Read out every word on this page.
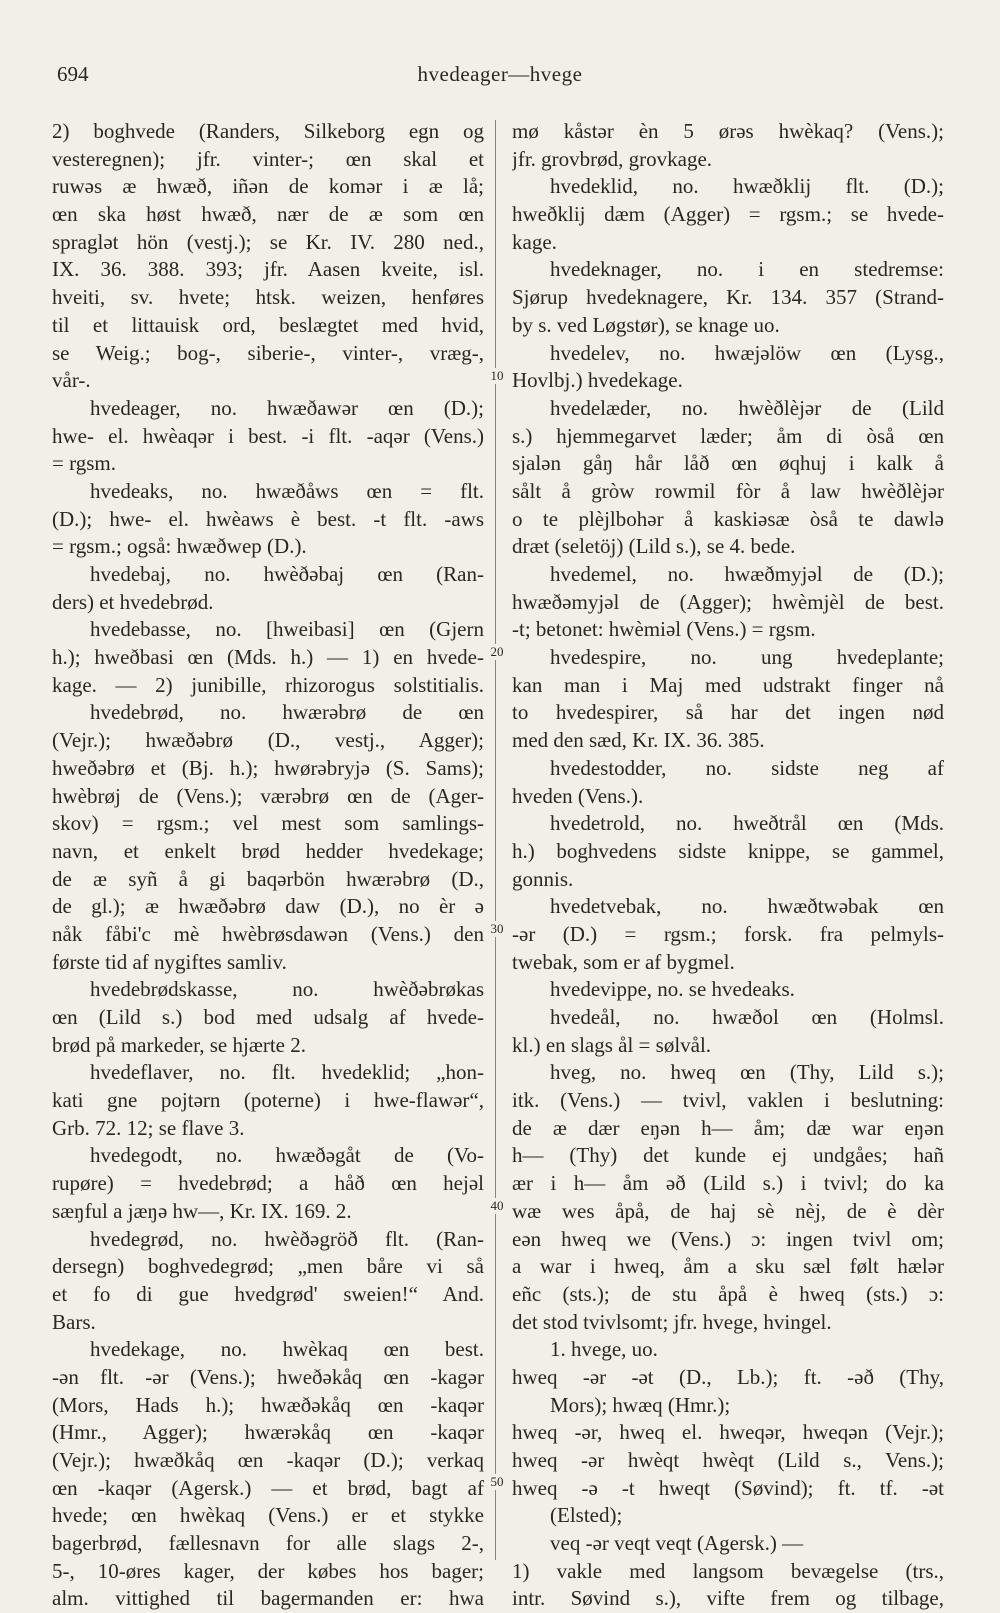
694	hvedeager—hvege
10
20
30
40
50
2) boghvede (Randers, Silkeborg egn og
vesteregnen); jfr. vinter-; œn skal et
ruwəs æ hwæð, iñən de komər i æ lå;
œn ska høst hwæð, nær de æ som œn
spraglət hön (vestj.); se Kr. IV. 280 ned.,
IX. 36. 388. 393; jfr. Aasen kveite, isl.
hveiti, sv. hvete; htsk. weizen, henføres
til et littauisk ord, beslægtet med hvid,
se Weig.; bog-, siberie-, vinter-, vræg-,
vår-.
hvedeager, no. hwæðawər œn (D.);
hwe- el. hwèaqər i best. -i flt. -aqər (Vens.)
= rgsm.
hvedeaks, no. hwæðåws œn = flt.
(D.); hwe- el. hwèaws è best. -t flt. -aws
= rgsm.; også: hwæðwep (D.).
hvedebaj, no. hwèðəbaj œn (Ran-
ders) et hvedebrød.
hvedebasse, no. [hweibasi] œn (Gjern
h.); hweðbasi œn (Mds. h.) — 1) en hvede-
kage. — 2) junibille, rhizorogus solstitialis.
hvedebrød, no. hwærəbrø de œn
(Vejr.); hwæðəbrø (D., vestj., Agger);
hweðəbrø et (Bj. h.); hwørəbryjə (S. Sams);
hwèbrøj de (Vens.); værəbrø œn de (Ager-
skov) = rgsm.; vel mest som samlings-
navn, et enkelt brød hedder hvedekage;
de æ syñ å gi baqərbön hwærəbrø (D.,
de gl.); æ hwæðəbrø daw (D.), no èr ə
nåk fåbi'c mè hwèbrøsdawən (Vens.) den
første tid af nygiftes samliv.
hvedebrødskasse, no. hwèðəbrøkas
œn (Lild s.) bod med udsalg af hvede-
brød på markeder, se hjærte 2.
hvedeflaver, no. flt. hvedeklid; „hon-
kati gne pojtərn (poterne) i hwe-flawər“,
Grb. 72. 12; se flave 3.
hvedegodt, no. hwæðəgåt de (Vo-
rupøre) = hvedebrød; a håð œn hejəl
sæŋful a jæŋə hw—, Kr. IX. 169. 2.
hvedegrød, no. hwèðəgröð flt. (Ran-
dersegn) boghvedegrød; „men båre vi så
et fo di gue hvedgrød' sweien!“ And.
Bars.
hvedekage, no. hwèkaq œn best.
-ən flt. -ər (Vens.); hweðəkåq œn -kagər
(Mors, Hads h.); hwæðəkåq œn -kaqər
(Hmr., Agger); hwærəkåq œn -kaqər
(Vejr.); hwæðkåq œn -kaqər (D.); verkaq
œn -kaqər (Agersk.) — et brød, bagt af
hvede; œn hwèkaq (Vens.) er et stykke
bagerbrød, fællesnavn for alle slags 2-,
5-, 10-øres kager, der købes hos bager;
alm. vittighed til bagermanden er: hwa
mø kåstər èn 5 ørəs hwèkaq? (Vens.);
jfr. grovbrød, grovkage.
hvedeklid, no. hwæðklij flt. (D.);
hweðklij dæm (Agger) = rgsm.; se hvede-
kage.
hvedeknager, no. i en stedremse:
Sjørup hvedeknagere, Kr. 134. 357 (Strand-
by s. ved Løgstør), se knage uo.
hvedelev, no. hwæjəlöw œn (Lysg.,
Hovlbj.) hvedekage.
hvedelæder, no. hwèðlèjər de (Lild
s.) hjemmegarvet læder; åm di òså œn
sjalən gåŋ hår låð œn øqhuj i kalk å
sålt å gròw rowmil fòr å law hwèðlèjər
o te plèjlbohər å kaskiəsæ òså te dawlə
dræt (seletöj) (Lild s.), se 4. bede.
hvedemel, no. hwæðmyjəl de (D.);
hwæðəmyjəl de (Agger); hwèmjèl de best.
-t; betonet: hwèmiəl (Vens.) = rgsm.
hvedespire, no. ung hvedeplante;
kan man i Maj med udstrakt finger nå
to hvedespirer, så har det ingen nød
med den sæd, Kr. IX. 36. 385.
hvedestodder, no. sidste neg af
hveden (Vens.).
hvedetrold, no. hweðtrål œn (Mds.
h.) boghvedens sidste knippe, se gammel,
gonnis.
hvedetvebak, no. hwæðtwəbak œn
-ər (D.) = rgsm.; forsk. fra pelmyls-
twebak, som er af bygmel.
hvedevippe, no. se hvedeaks.
hvedeål, no. hwæðol œn (Holmsl.
kl.) en slags ål = sølvål.
hveg, no. hweq œn (Thy, Lild s.);
itk. (Vens.) — tvivl, vaklen i beslutning:
de æ dær eŋən h— åm; dæ war eŋən
h— (Thy) det kunde ej undgåes; hañ
ær i h— åm əð (Lild s.) i tvivl; do ka
wæ wes åpå, de haj sè nèj, de è dèr
eən hweq we (Vens.) ɔ: ingen tvivl om;
a war i hweq, åm a sku sæl følt hælər
eñc (sts.); de stu åpå è hweq (sts.) ɔ:
det stod tvivlsomt; jfr. hvege, hvingel.
1. hvege, uo.
hweq -ər -ət (D., Lb.); ft. -əð (Thy,
Mors); hwæq (Hmr.);
hweq -ər, hweq el. hweqər, hweqən (Vejr.);
hweq -ər hwèqt hwèqt (Lild s., Vens.);
hweq -ə -t hweqt (Søvind); ft. tf. -ət
(Elsted);
veq -ər veqt veqt (Agersk.) —
1) vakle med langsom bevægelse (trs.,
intr. Søvind s.), vifte frem og tilbage,
